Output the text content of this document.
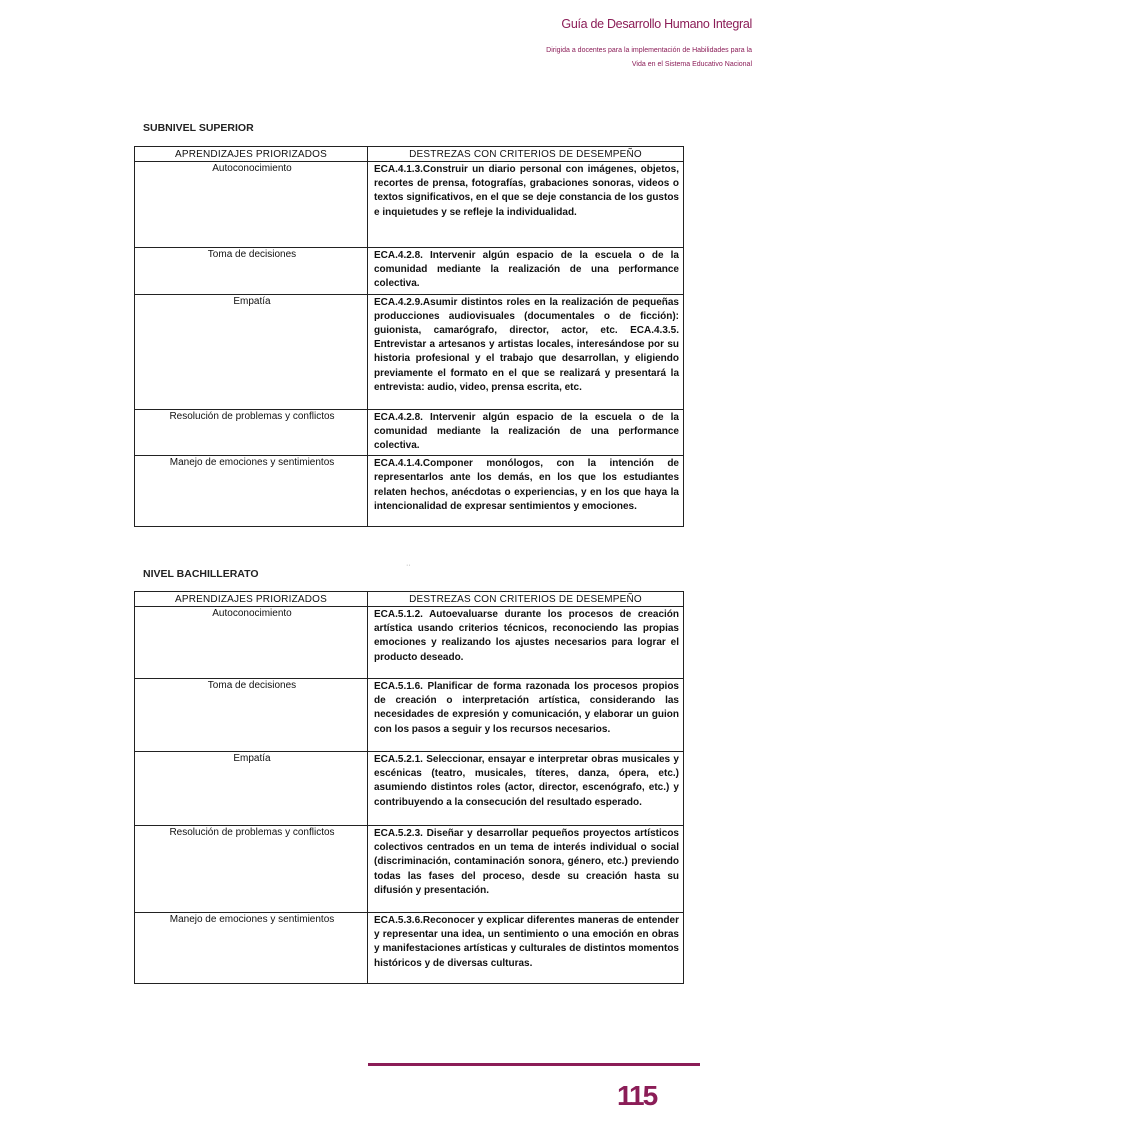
Guía de Desarrollo Humano Integral
Dirigida a docentes para la implementación de Habilidades para la
Vida en el Sistema Educativo Nacional
SUBNIVEL SUPERIOR
APRENDIZAJES PRIORIZADOS	DESTREZAS CON CRITERIOS DE DESEMPEÑO
Autoconocimiento	ECA.4.1.3.Construir un diario personal con imágenes, objetos, recortes de prensa, fotografías, grabaciones sonoras, videos o textos significativos, en el que se deje constancia de los gustos e inquietudes y se refleje la individualidad.
Toma de decisiones	ECA.4.2.8. Intervenir algún espacio de la escuela o de la comunidad mediante la realización de una performance colectiva.
Empatía	ECA.4.2.9.Asumir distintos roles en la realización de pequeñas producciones audiovisuales (documentales o de ficción): guionista, camarógrafo, director, actor, etc. ECA.4.3.5. Entrevistar a artesanos y artistas locales, interesándose por su historia profesional y el trabajo que desarrollan, y eligiendo previamente el formato en el que se realizará y presentará la entrevista: audio, video, prensa escrita, etc.
Resolución de problemas y conflictos	ECA.4.2.8. Intervenir algún espacio de la escuela o de la comunidad mediante la realización de una performance colectiva.
Manejo de emociones y sentimientos	ECA.4.1.4.Componer monólogos, con la intención de representarlos ante los demás, en los que los estudiantes relaten hechos, anécdotas o experiencias, y en los que haya la intencionalidad de expresar sentimientos y emociones.
··
NIVEL BACHILLERATO
APRENDIZAJES PRIORIZADOS	DESTREZAS CON CRITERIOS DE DESEMPEÑO
Autoconocimiento	ECA.5.1.2. Autoevaluarse durante los procesos de creación artística usando criterios técnicos, reconociendo las propias emociones y realizando los ajustes necesarios para lograr el producto deseado.
Toma de decisiones	ECA.5.1.6. Planificar de forma razonada los procesos propios de creación o interpretación artística, considerando las necesidades de expresión y comunicación, y elaborar un guion con los pasos a seguir y los recursos necesarios.
Empatía	ECA.5.2.1. Seleccionar, ensayar e interpretar obras musicales y escénicas (teatro, musicales, títeres, danza, ópera, etc.) asumiendo distintos roles (actor, director, escenógrafo, etc.) y contribuyendo a la consecución del resultado esperado.
Resolución de problemas y conflictos	ECA.5.2.3. Diseñar y desarrollar pequeños proyectos artísticos colectivos centrados en un tema de interés individual o social (discriminación, contaminación sonora, género, etc.) previendo todas las fases del proceso, desde su creación hasta su difusión y presentación.
Manejo de emociones y sentimientos	ECA.5.3.6.Reconocer y explicar diferentes maneras de entender y representar una idea, un sentimiento o una emoción en obras y manifestaciones artísticas y culturales de distintos momentos históricos y de diversas culturas.
115
